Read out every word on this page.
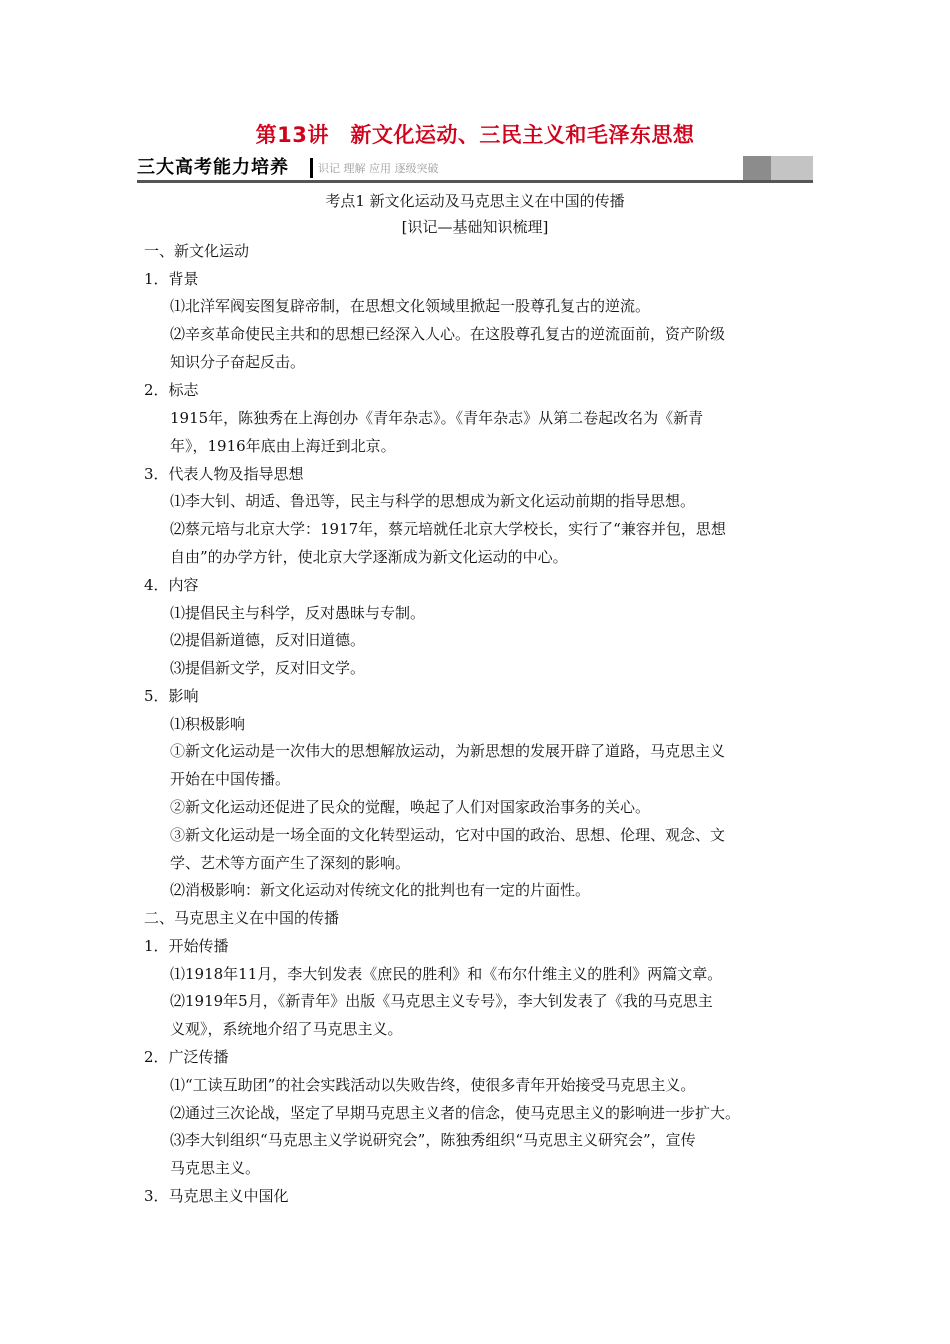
第13讲　新文化运动、三民主义和毛泽东思想
三大高考能力培养	识记 理解 应用 逐级突破
考点1 新文化运动及马克思主义在中国的传播
[识记—基础知识梳理]
一、新文化运动
1．背景
⑴北洋军阀妄图复辟帝制，在思想文化领域里掀起一股尊孔复古的逆流。
⑵辛亥革命使民主共和的思想已经深入人心。在这股尊孔复古的逆流面前，资产阶级
知识分子奋起反击。
2．标志
1915年，陈独秀在上海创办《青年杂志》。《青年杂志》从第二卷起改名为《新青
年》，1916年底由上海迁到北京。
3．代表人物及指导思想
⑴李大钊、胡适、鲁迅等，民主与科学的思想成为新文化运动前期的指导思想。
⑵蔡元培与北京大学：1917年，蔡元培就任北京大学校长，实行了“兼容并包，思想
自由”的办学方针，使北京大学逐渐成为新文化运动的中心。
4．内容
⑴提倡民主与科学，反对愚昧与专制。
⑵提倡新道德，反对旧道德。
⑶提倡新文学，反对旧文学。
5．影响
⑴积极影响
①新文化运动是一次伟大的思想解放运动，为新思想的发展开辟了道路，马克思主义
开始在中国传播。
②新文化运动还促进了民众的觉醒，唤起了人们对国家政治事务的关心。
③新文化运动是一场全面的文化转型运动，它对中国的政治、思想、伦理、观念、文
学、艺术等方面产生了深刻的影响。
⑵消极影响：新文化运动对传统文化的批判也有一定的片面性。
二、马克思主义在中国的传播
1．开始传播
⑴1918年11月，李大钊发表《庶民的胜利》和《布尔什维主义的胜利》两篇文章。
⑵1919年5月，《新青年》出版《马克思主义专号》，李大钊发表了《我的马克思主
义观》，系统地介绍了马克思主义。
2．广泛传播
⑴“工读互助团”的社会实践活动以失败告终，使很多青年开始接受马克思主义。
⑵通过三次论战，坚定了早期马克思主义者的信念，使马克思主义的影响进一步扩大。
⑶李大钊组织“马克思主义学说研究会”，陈独秀组织“马克思主义研究会”，宣传
马克思主义。
3．马克思主义中国化
